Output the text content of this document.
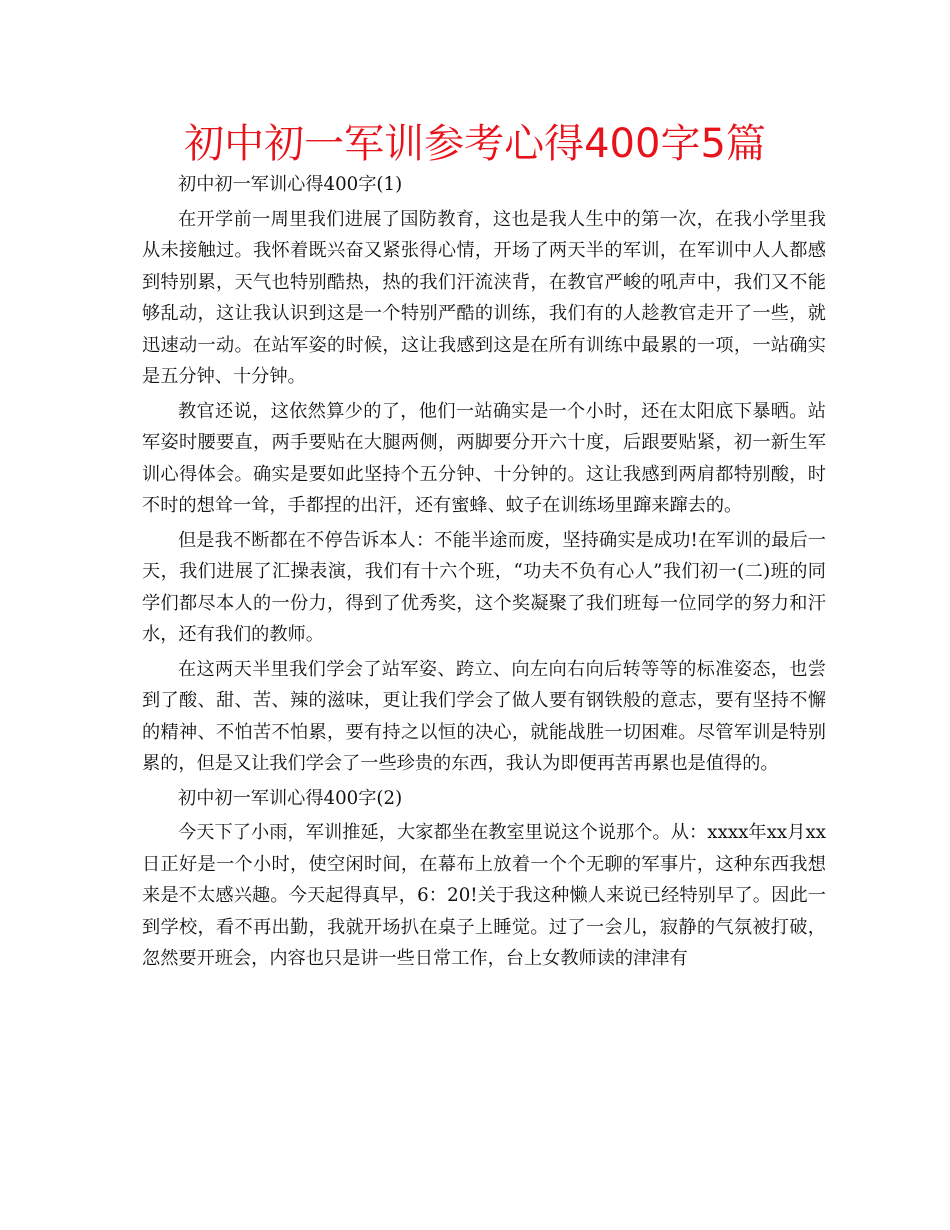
初中初一军训参考心得400字5篇

初中初一军训心得400字(1)

在开学前一周里我们进展了国防教育，这也是我人生中的第一次，在我小学里我从未接触过。我怀着既兴奋又紧张得心情，开场了两天半的军训，在军训中人人都感到特别累，天气也特别酷热，热的我们汗流浃背，在教官严峻的吼声中，我们又不能够乱动，这让我认识到这是一个特别严酷的训练，我们有的人趁教官走开了一些，就迅速动一动。在站军姿的时候，这让我感到这是在所有训练中最累的一项，一站确实是五分钟、十分钟。

教官还说，这依然算少的了，他们一站确实是一个小时，还在太阳底下暴晒。站军姿时腰要直，两手要贴在大腿两侧，两脚要分开六十度，后跟要贴紧，初一新生军训心得体会。确实是要如此坚持个五分钟、十分钟的。这让我感到两肩都特别酸，时不时的想耸一耸，手都捏的出汗，还有蜜蜂、蚊子在训练场里蹿来蹿去的。

但是我不断都在不停告诉本人：不能半途而废，坚持确实是成功!在军训的最后一天，我们进展了汇操表演，我们有十六个班，“功夫不负有心人”我们初一(二)班的同学们都尽本人的一份力，得到了优秀奖，这个奖凝聚了我们班每一位同学的努力和汗水，还有我们的教师。

在这两天半里我们学会了站军姿、跨立、向左向右向后转等等的标准姿态，也尝到了酸、甜、苦、辣的滋味，更让我们学会了做人要有钢铁般的意志，要有坚持不懈的精神、不怕苦不怕累，要有持之以恒的决心，就能战胜一切困难。尽管军训是特别累的，但是又让我们学会了一些珍贵的东西，我认为即便再苦再累也是值得的。

初中初一军训心得400字(2)

今天下了小雨，军训推延，大家都坐在教室里说这个说那个。从：xxxx年xx月xx日正好是一个小时，使空闲时间，在幕布上放着一个个无聊的军事片，这种东西我想来是不太感兴趣。今天起得真早，6：20!关于我这种懒人来说已经特别早了。因此一到学校，看不再出勤，我就开场扒在桌子上睡觉。过了一会儿，寂静的气氛被打破，忽然要开班会，内容也只是讲一些日常工作，台上女教师读的津津有
